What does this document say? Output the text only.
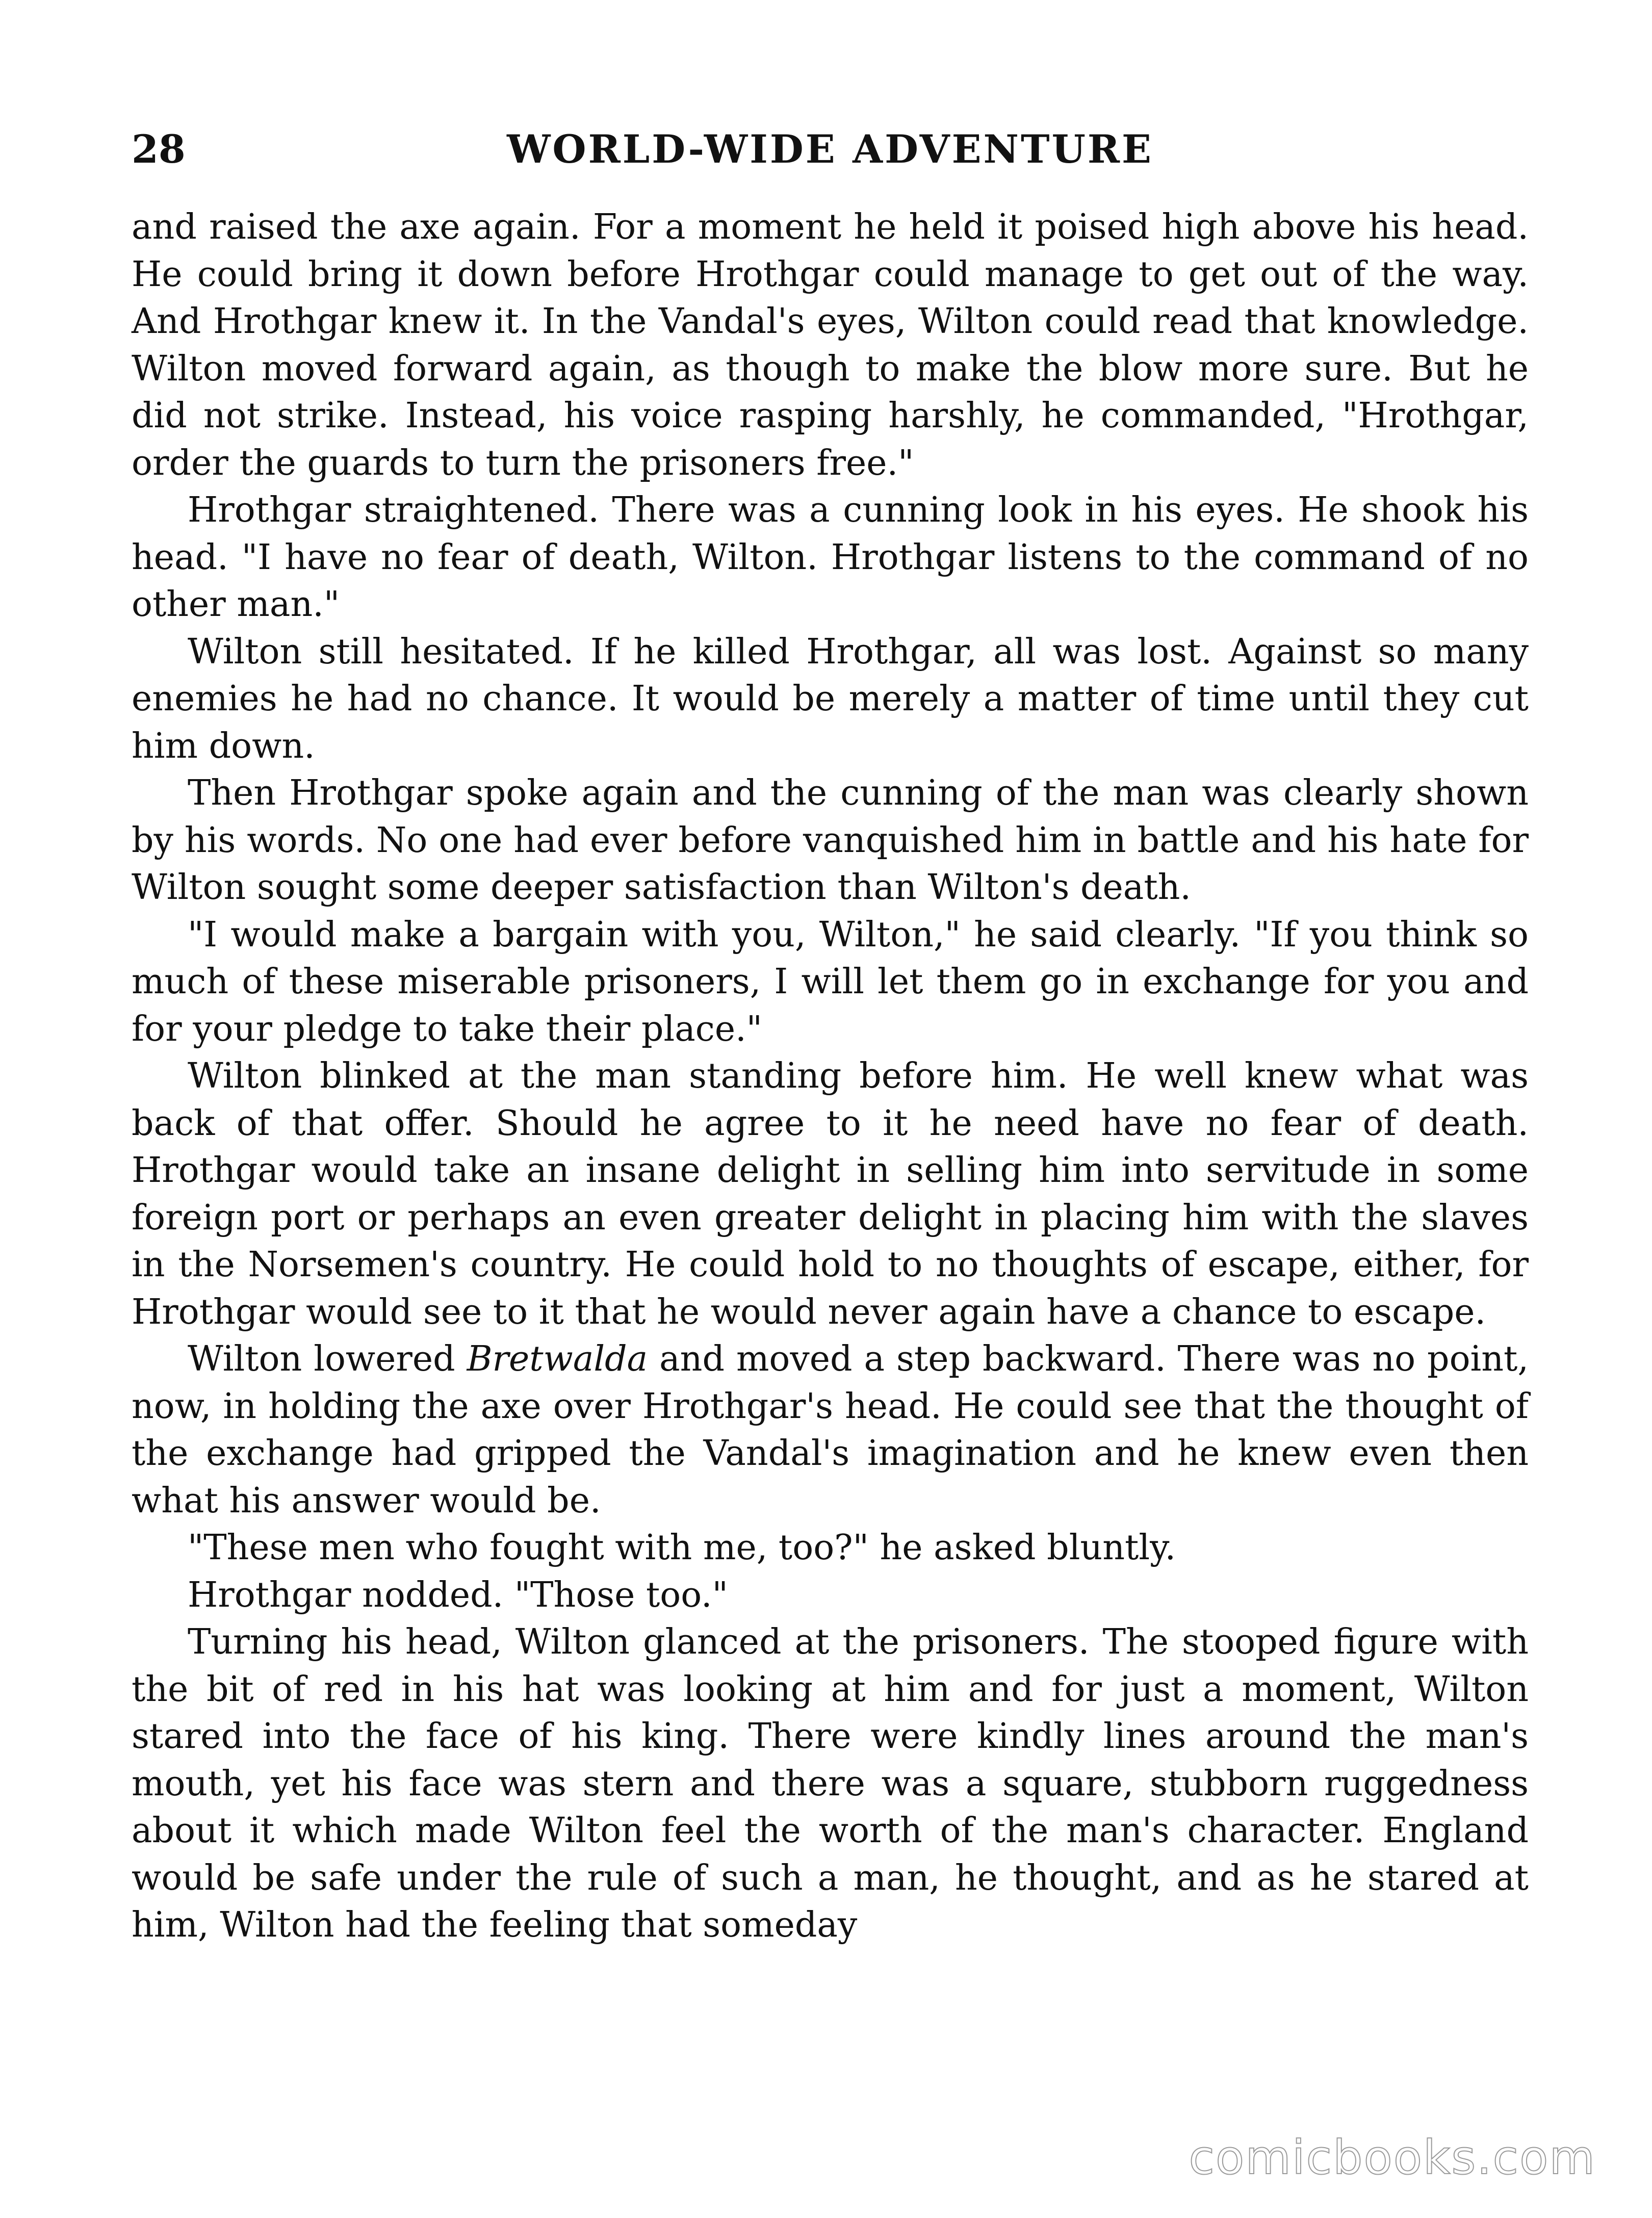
28	WORLD-WIDE ADVENTURE

and raised the axe again. For a moment he held it poised high above his head. He could bring it down before Hrothgar could manage to get out of the way. And Hrothgar knew it. In the Vandal's eyes, Wilton could read that knowledge. Wilton moved forward again, as though to make the blow more sure. But he did not strike. Instead, his voice rasping harshly, he commanded, "Hrothgar, order the guards to turn the prisoners free."

Hrothgar straightened. There was a cunning look in his eyes. He shook his head. "I have no fear of death, Wilton. Hrothgar listens to the command of no other man."

Wilton still hesitated. If he killed Hrothgar, all was lost. Against so many enemies he had no chance. It would be merely a matter of time until they cut him down.

Then Hrothgar spoke again and the cunning of the man was clearly shown by his words. No one had ever before vanquished him in battle and his hate for Wilton sought some deeper satisfaction than Wilton's death.

"I would make a bargain with you, Wilton," he said clearly. "If you think so much of these miserable prisoners, I will let them go in exchange for you and for your pledge to take their place."

Wilton blinked at the man standing before him. He well knew what was back of that offer. Should he agree to it he need have no fear of death. Hrothgar would take an insane delight in selling him into servitude in some foreign port or perhaps an even greater delight in placing him with the slaves in the Norsemen's country. He could hold to no thoughts of escape, either, for Hrothgar would see to it that he would never again have a chance to escape.

Wilton lowered Bretwalda and moved a step backward. There was no point, now, in holding the axe over Hrothgar's head. He could see that the thought of the exchange had gripped the Vandal's imagination and he knew even then what his answer would be.

"These men who fought with me, too?" he asked bluntly.

Hrothgar nodded. "Those too."

Turning his head, Wilton glanced at the prisoners. The stooped figure with the bit of red in his hat was looking at him and for just a moment, Wilton stared into the face of his king. There were kindly lines around the man's mouth, yet his face was stern and there was a square, stubborn ruggedness about it which made Wilton feel the worth of the man's character. England would be safe under the rule of such a man, he thought, and as he stared at him, Wilton had the feeling that someday

comicbooks.com
